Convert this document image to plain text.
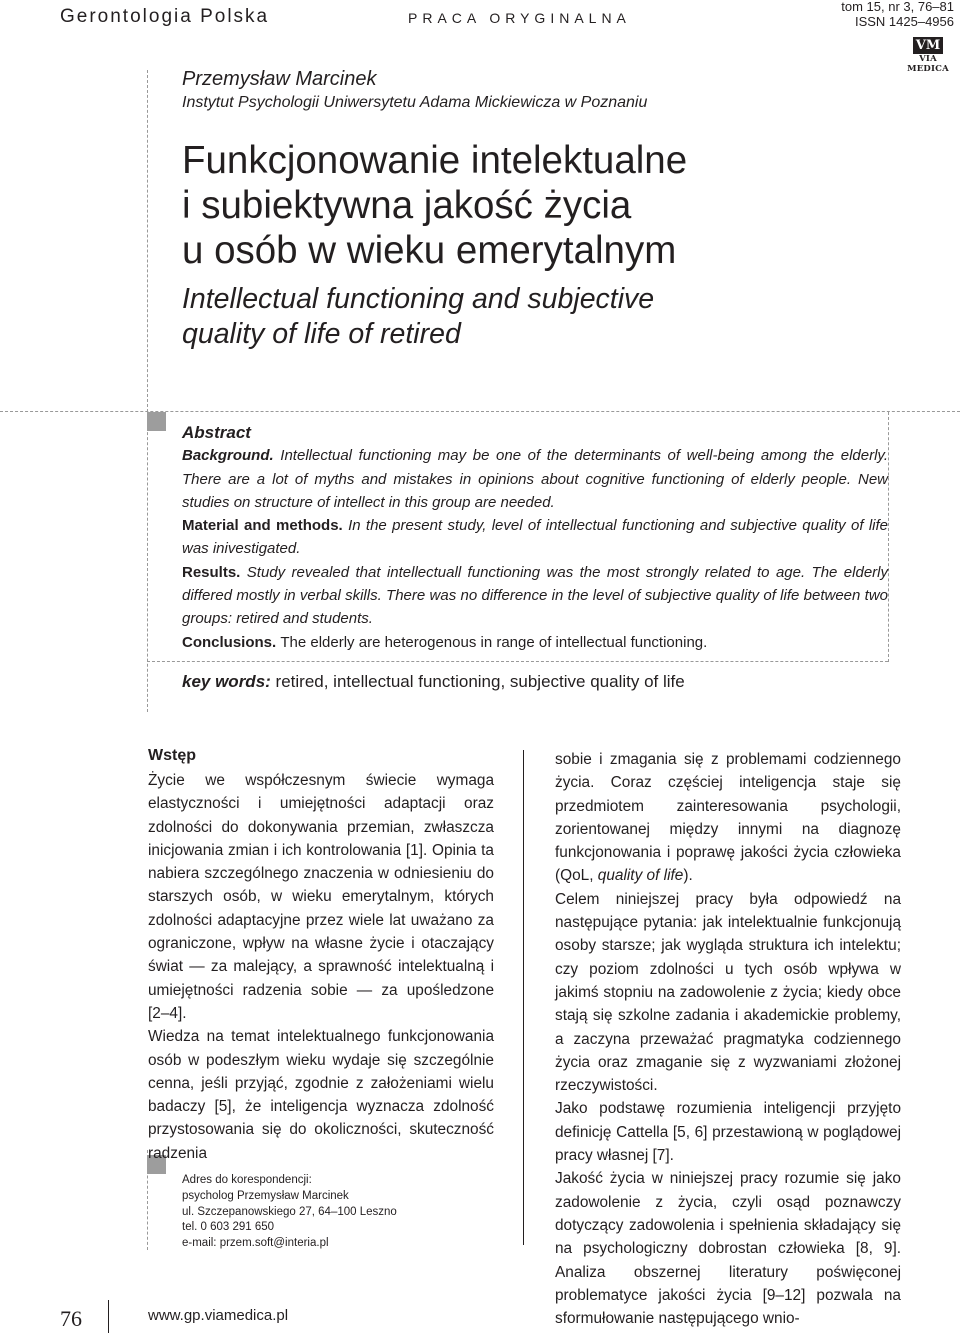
Gerontologia Polska	PRACA ORYGINALNA
tom 15, nr 3, 76–81
ISSN 1425–4956
VM
VIA MEDICA
Przemysław Marcinek
Instytut Psychologii Uniwersytetu Adama Mickiewicza w Poznaniu
Funkcjonowanie intelektualne
i subiektywna jakość życia
u osób w wieku emerytalnym
Intellectual functioning and subjective
quality of life of retired
Abstract

Background. Intellectual functioning may be one of the determinants of well-being among the elderly. There are a lot of myths and mistakes in opinions about cognitive functioning of elderly people. New studies on structure of intellect in this group are needed.

Material and methods. In the present study, level of intellectual functioning and subjective quality of life was inivestigated.

Results. Study revealed that intellectuall functioning was the most strongly related to age. The elderly differed mostly in verbal skills. There was no difference in the level of subjective quality of life between two groups: retired and students.

Conclusions. The elderly are heterogenous in range of intellectual functioning.

key words: retired, intellectual functioning, subjective quality of life
Wstęp

Życie we współczesnym świecie wymaga elastyczności i umiejętności adaptacji oraz zdolności do dokonywania przemian, zwłaszcza inicjowania zmian i ich kontrolowania [1]. Opinia ta nabiera szczególnego znaczenia w odniesieniu do starszych osób, w wieku emerytalnym, których zdolności adaptacyjne przez wiele lat uważano za ograniczone, wpływ na własne życie i otaczający świat — za malejący, a sprawność intelektualną i umiejętności radzenia sobie — za upośledzone [2–4].

Wiedza na temat intelektualnego funkcjonowania osób w podeszłym wieku wydaje się szczególnie cenna, jeśli przyjąć, zgodnie z założeniami wielu badaczy [5], że inteligencja wyznacza zdolność przystosowania się do okoliczności, skuteczność radzenia

sobie i zmagania się z problemami codziennego życia. Coraz częściej inteligencja staje się przedmiotem zainteresowania psychologii, zorientowanej między innymi na diagnozę funkcjonowania i poprawę jakości życia człowieka (QoL, quality of life).

Celem niniejszej pracy była odpowiedź na następujące pytania: jak intelektualnie funkcjonują osoby starsze; jak wygląda struktura ich intelektu; czy poziom zdolności u tych osób wpływa w jakimś stopniu na zadowolenie z życia; kiedy obce stają się szkolne zadania i akademickie problemy, a zaczyna przeważać pragmatyka codziennego życia oraz zmaganie się z wyzwaniami złożonej rzeczywistości.

Jako podstawę rozumienia inteligencji przyjęto definicję Cattella [5, 6] przestawioną w poglądowej pracy własnej [7].

Jakość życia w niniejszej pracy rozumie się jako zadowolenie z życia, czyli osąd poznawczy dotyczący zadowolenia i spełnienia składający się na psychologiczny dobrostan człowieka [8, 9]. Analiza obszernej literatury poświęconej problematyce jakości życia [9–12] pozwala na sformułowanie następującego wnio-

Adres do korespondencji:
psycholog Przemysław Marcinek
ul. Szczepanowskiego 27, 64–100 Leszno
tel. 0 603 291 650
e-mail: przem.soft@interia.pl
76	www.gp.viamedica.pl
